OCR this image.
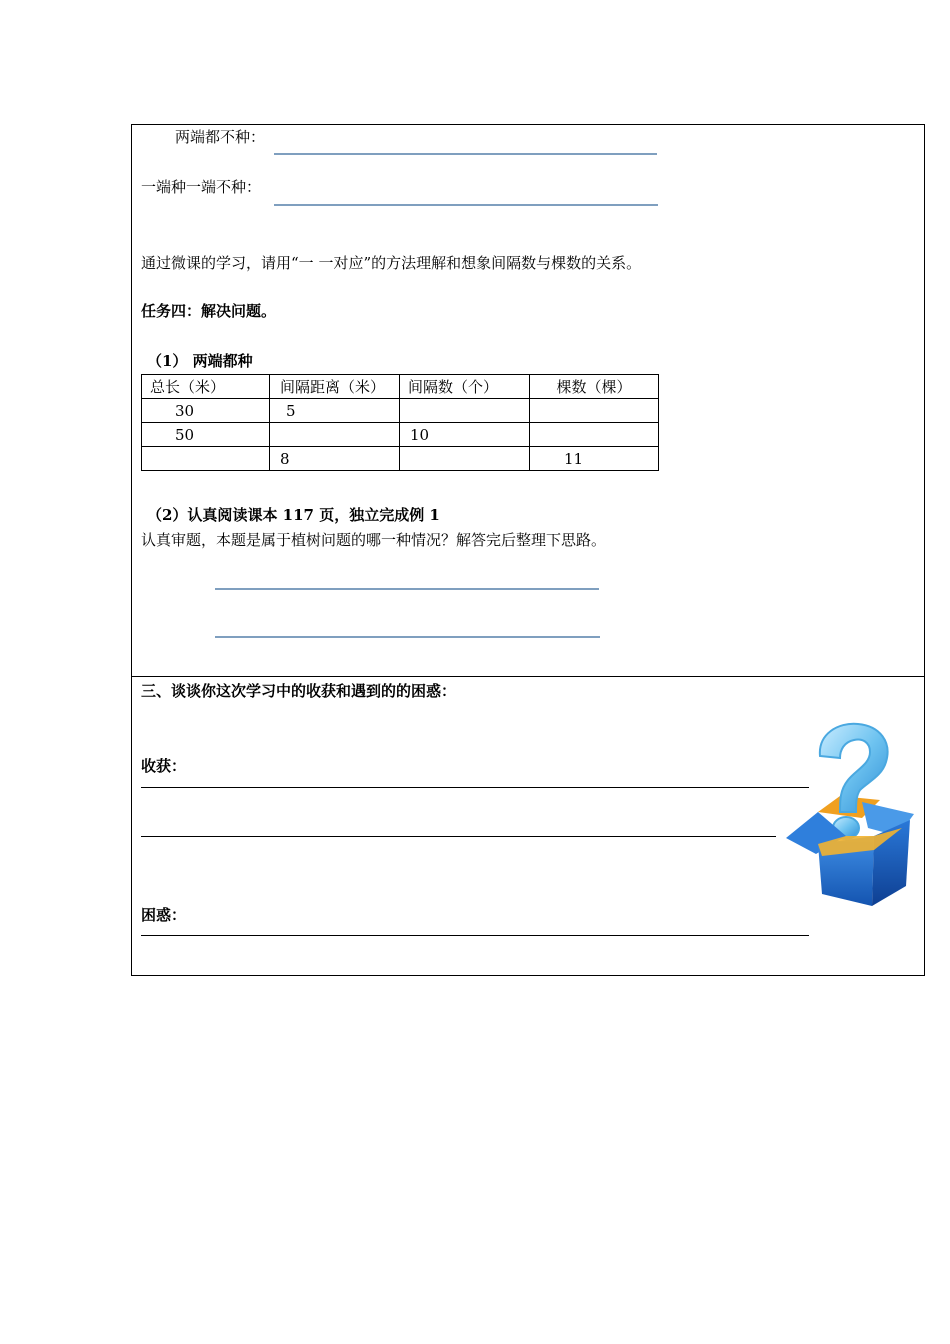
两端都不种：
一端种一端不种：
通过微课的学习，请用“一 一对应”的方法理解和想象间隔数与棵数的关系。
任务四：解决问题。
（1） 两端都种
总长（米）	间隔距离（米）	间隔数（个）	棵数（棵）
30	5		
50		10	
	8		11
（2）认真阅读课本 117 页，独立完成例 1
认真审题，本题是属于植树问题的哪一种情况？解答完后整理下思路。
三、谈谈你这次学习中的收获和遇到的的困惑：
收获：
困惑：
